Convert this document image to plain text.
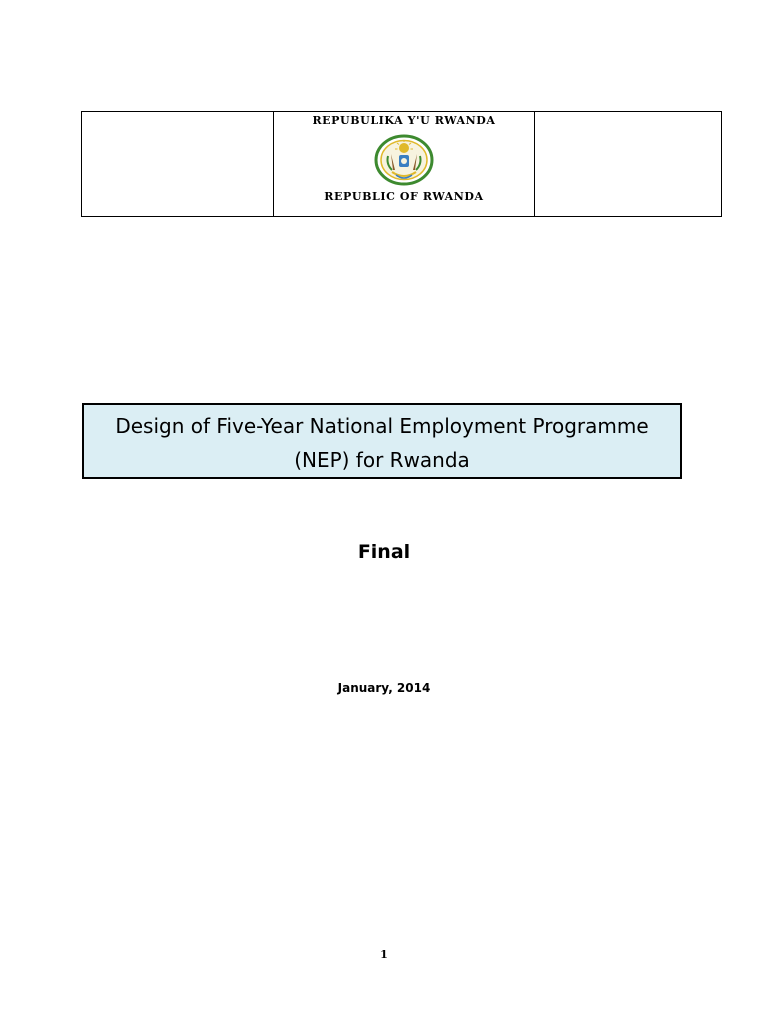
REPUBULIKA Y'U RWANDA
REPUBLIC OF RWANDA

Design of Five-Year National Employment Programme
(NEP) for Rwanda
Final
January, 2014
1
